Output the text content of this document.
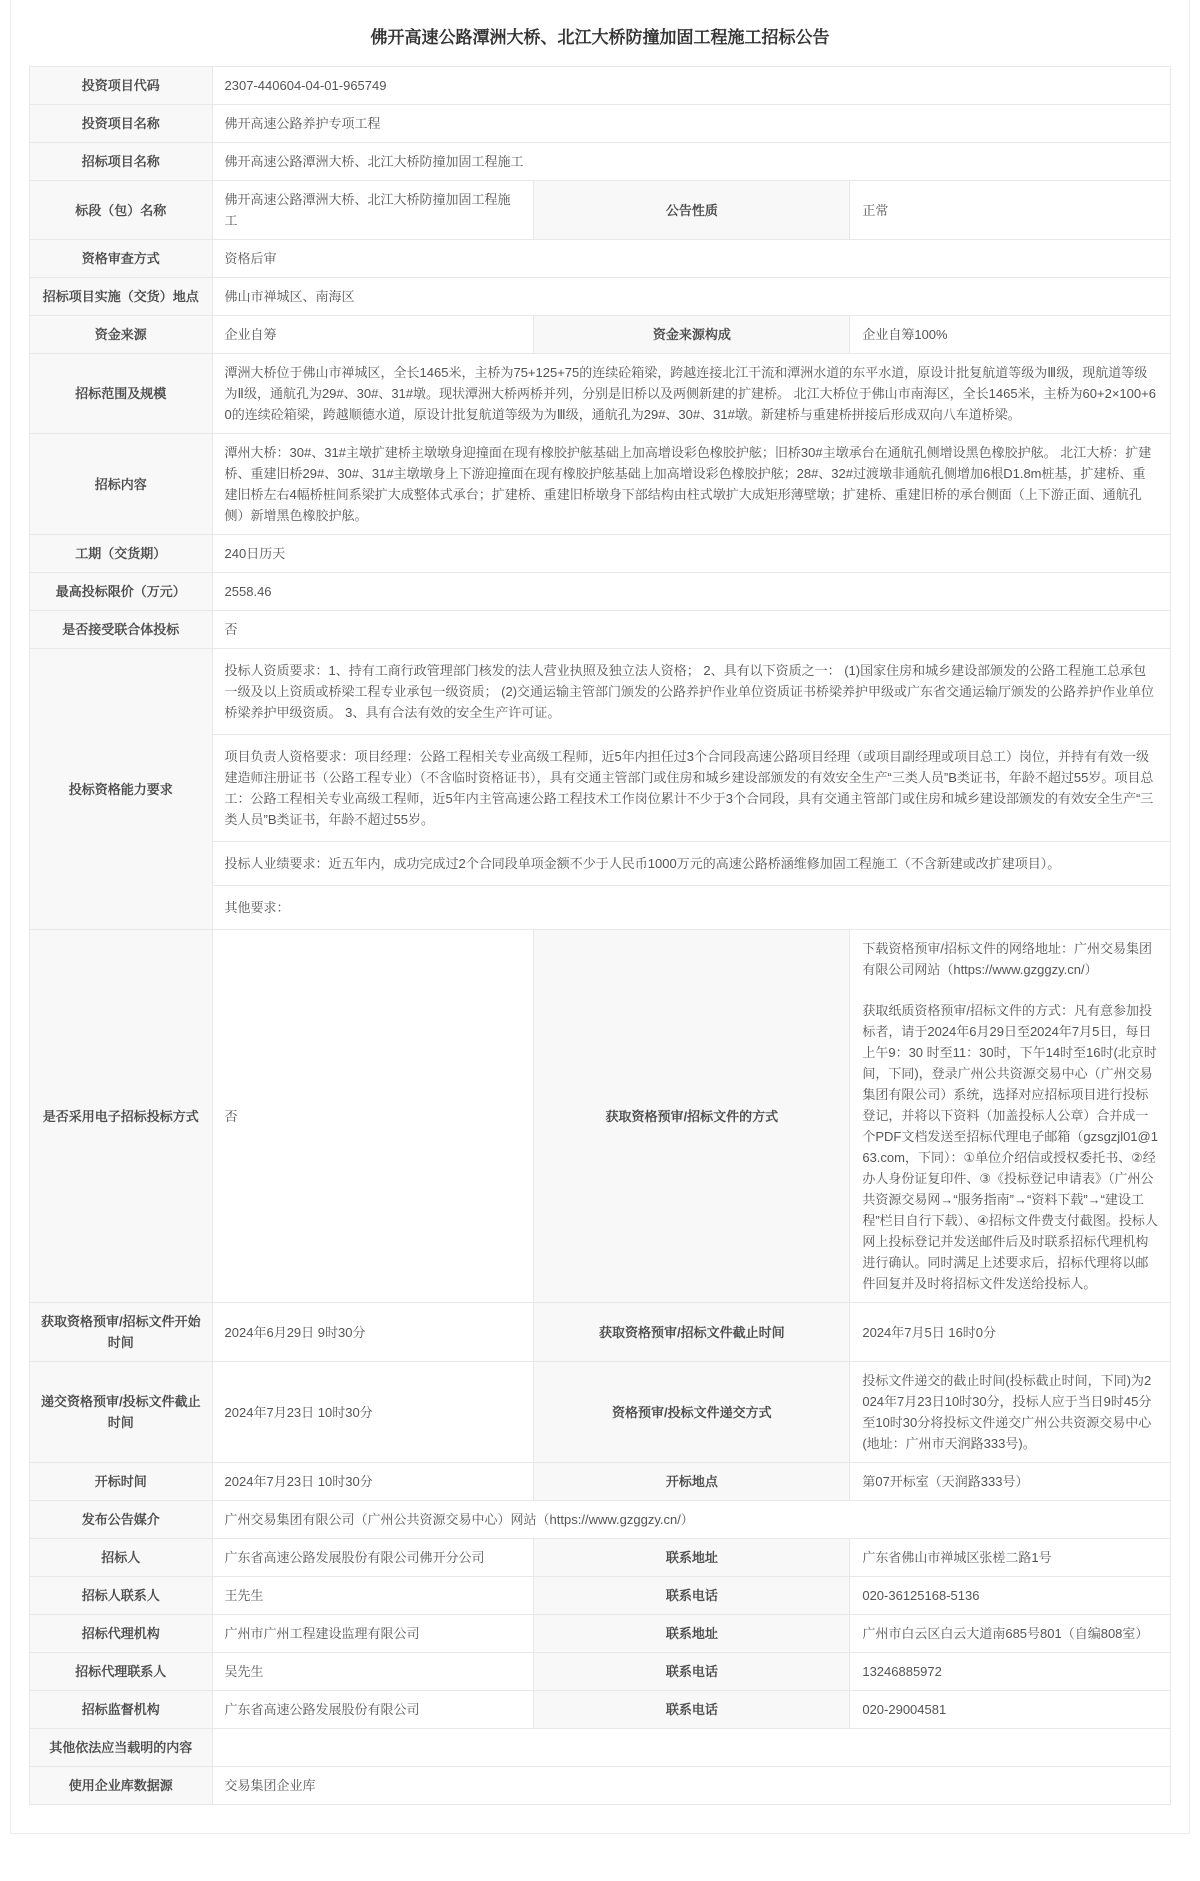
佛开高速公路潭洲大桥、北江大桥防撞加固工程施工招标公告
投资项目代码	2307-440604-04-01-965749		
投资项目名称	佛开高速公路养护专项工程		
招标项目名称	佛开高速公路潭洲大桥、北江大桥防撞加固工程施工		
标段（包）名称	佛开高速公路潭洲大桥、北江大桥防撞加固工程施工	公告性质	正常
资格审查方式	资格后审		
招标项目实施（交货）地点	佛山市禅城区、南海区		
资金来源	企业自筹	资金来源构成	企业自筹100%
招标范围及规模	潭洲大桥位于佛山市禅城区，全长1465米，主桥为75+125+75的连续砼箱梁，跨越连接北江干流和潭洲水道的东平水道，原设计批复航道等级为Ⅲ级，现航道等级为Ⅱ级，通航孔为29#、30#、31#墩。现状潭洲大桥两桥并列，分别是旧桥以及两侧新建的扩建桥。 北江大桥位于佛山市南海区，全长1465米，主桥为60+2×100+60的连续砼箱梁，跨越顺德水道，原设计批复航道等级为为Ⅲ级，通航孔为29#、30#、31#墩。新建桥与重建桥拼接后形成双向八车道桥梁。		
招标内容	潭州大桥：30#、31#主墩扩建桥主墩墩身迎撞面在现有橡胶护舷基础上加高增设彩色橡胶护舷；旧桥30#主墩承台在通航孔侧增设黑色橡胶护舷。 北江大桥：扩建桥、重建旧桥29#、30#、31#主墩墩身上下游迎撞面在现有橡胶护舷基础上加高增设彩色橡胶护舷；28#、32#过渡墩非通航孔侧增加6根D1.8m桩基，扩建桥、重建旧桥左右4幅桥桩间系梁扩大成整体式承台；扩建桥、重建旧桥墩身下部结构由柱式墩扩大成矩形薄壁墩；扩建桥、重建旧桥的承台侧面（上下游正面、通航孔侧）新增黑色橡胶护舷。		
工期（交货期）	240日历天		
最高投标限价（万元）	2558.46		
是否接受联合体投标	否		
投标资格能力要求	投标人资质要求：1、持有工商行政管理部门核发的法人营业执照及独立法人资格； 2、具有以下资质之一： (1)国家住房和城乡建设部颁发的公路工程施工总承包一级及以上资质或桥梁工程专业承包一级资质； (2)交通运输主管部门颁发的公路养护作业单位资质证书桥梁养护甲级或广东省交通运输厅颁发的公路养护作业单位桥梁养护甲级资质。 3、具有合法有效的安全生产许可证。
项目负责人资格要求：项目经理：公路工程相关专业高级工程师，近5年内担任过3个合同段高速公路项目经理（或项目副经理或项目总工）岗位，并持有有效一级建造师注册证书（公路工程专业）（不含临时资格证书），具有交通主管部门或住房和城乡建设部颁发的有效安全生产“三类人员”B类证书，年龄不超过55岁。项目总工：公路工程相关专业高级工程师，近5年内主管高速公路工程技术工作岗位累计不少于3个合同段，具有交通主管部门或住房和城乡建设部颁发的有效安全生产“三类人员”B类证书，年龄不超过55岁。
投标人业绩要求：近五年内，成功完成过2个合同段单项金额不少于人民币1000万元的高速公路桥涵维修加固工程施工（不含新建或改扩建项目）。
其他要求：		

是否采用电子招标投标方式	否	获取资格预审/招标文件的方式	下载资格预审/招标文件的网络地址：广州交易集团有限公司网站（https://www.gzggzy.cn/）
获取纸质资格预审/招标文件的方式：凡有意参加投标者，请于2024年6月29日至2024年7月5日，每日上午9：30 时至11：30时，下午14时至16时(北京时间，下同)，登录广州公共资源交易中心（广州交易集团有限公司）系统，选择对应招标项目进行投标登记，并将以下资料（加盖投标人公章）合并成一个PDF文档发送至招标代理电子邮箱（gzsgzjl01@163.com，下同）：①单位介绍信或授权委托书、②经办人身份证复印件、③《投标登记申请表》（广州公共资源交易网→“服务指南”→“资料下载”→“建设工程”栏目自行下载）、④招标文件费支付截图。投标人网上投标登记并发送邮件后及时联系招标代理机构进行确认。同时满足上述要求后，招标代理将以邮件回复并及时将招标文件发送给投标人。

获取资格预审/招标文件开始时间	2024年6月29日 9时30分	获取资格预审/招标文件截止时间	2024年7月5日 16时0分
递交资格预审/投标文件截止时间	2024年7月23日 10时30分	资格预审/投标文件递交方式	投标文件递交的截止时间(投标截止时间，下同)为2024年7月23日10时30分，投标人应于当日9时45分至10时30分将投标文件递交广州公共资源交易中心(地址：广州市天润路333号)。
开标时间	2024年7月23日 10时30分	开标地点	第07开标室（天润路333号）
发布公告媒介	广州交易集团有限公司（广州公共资源交易中心）网站（https://www.gzggzy.cn/）		
招标人	广东省高速公路发展股份有限公司佛开分公司	联系地址	广东省佛山市禅城区张槎二路1号
招标人联系人	王先生	联系电话	020-36125168-5136
招标代理机构	广州市广州工程建设监理有限公司	联系地址	广州市白云区白云大道南685号801（自编808室）
招标代理联系人	吴先生	联系电话	13246885972
招标监督机构	广东省高速公路发展股份有限公司	联系电话	020-29004581
其他依法应当载明的内容			
使用企业库数据源	交易集团企业库		
